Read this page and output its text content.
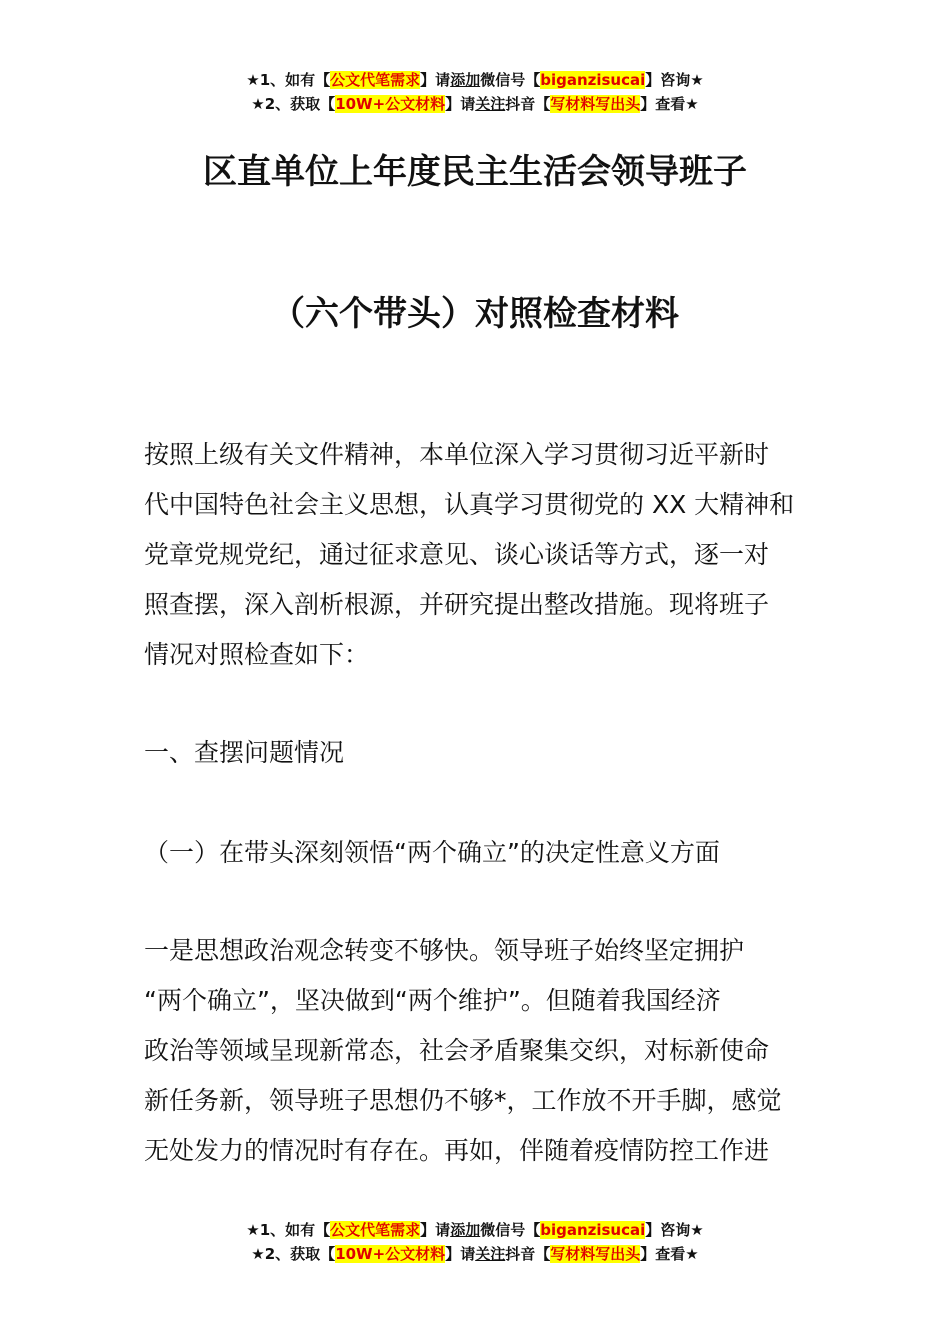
★1、如有【公文代笔需求】请添加微信号【biganzisucai】咨询★
★2、获取【10W+公文材料】请关注抖音【写材料写出头】查看★
区直单位上年度民主生活会领导班子
（六个带头）对照检查材料
按照上级有关文件精神，本单位深入学习贯彻习近平新时
代中国特色社会主义思想，认真学习贯彻党的 XX 大精神和
党章党规党纪，通过征求意见、谈心谈话等方式，逐一对
照查摆，深入剖析根源，并研究提出整改措施。现将班子
情况对照检查如下：
一、查摆问题情况
（一）在带头深刻领悟“两个确立”的决定性意义方面
一是思想政治观念转变不够快。领导班子始终坚定拥护
“两个确立”，坚决做到“两个维护”。但随着我国经济
政治等领域呈现新常态，社会矛盾聚集交织，对标新使命
新任务新，领导班子思想仍不够*，工作放不开手脚，感觉
无处发力的情况时有存在。再如，伴随着疫情防控工作进
★1、如有【公文代笔需求】请添加微信号【biganzisucai】咨询★
★2、获取【10W+公文材料】请关注抖音【写材料写出头】查看★
